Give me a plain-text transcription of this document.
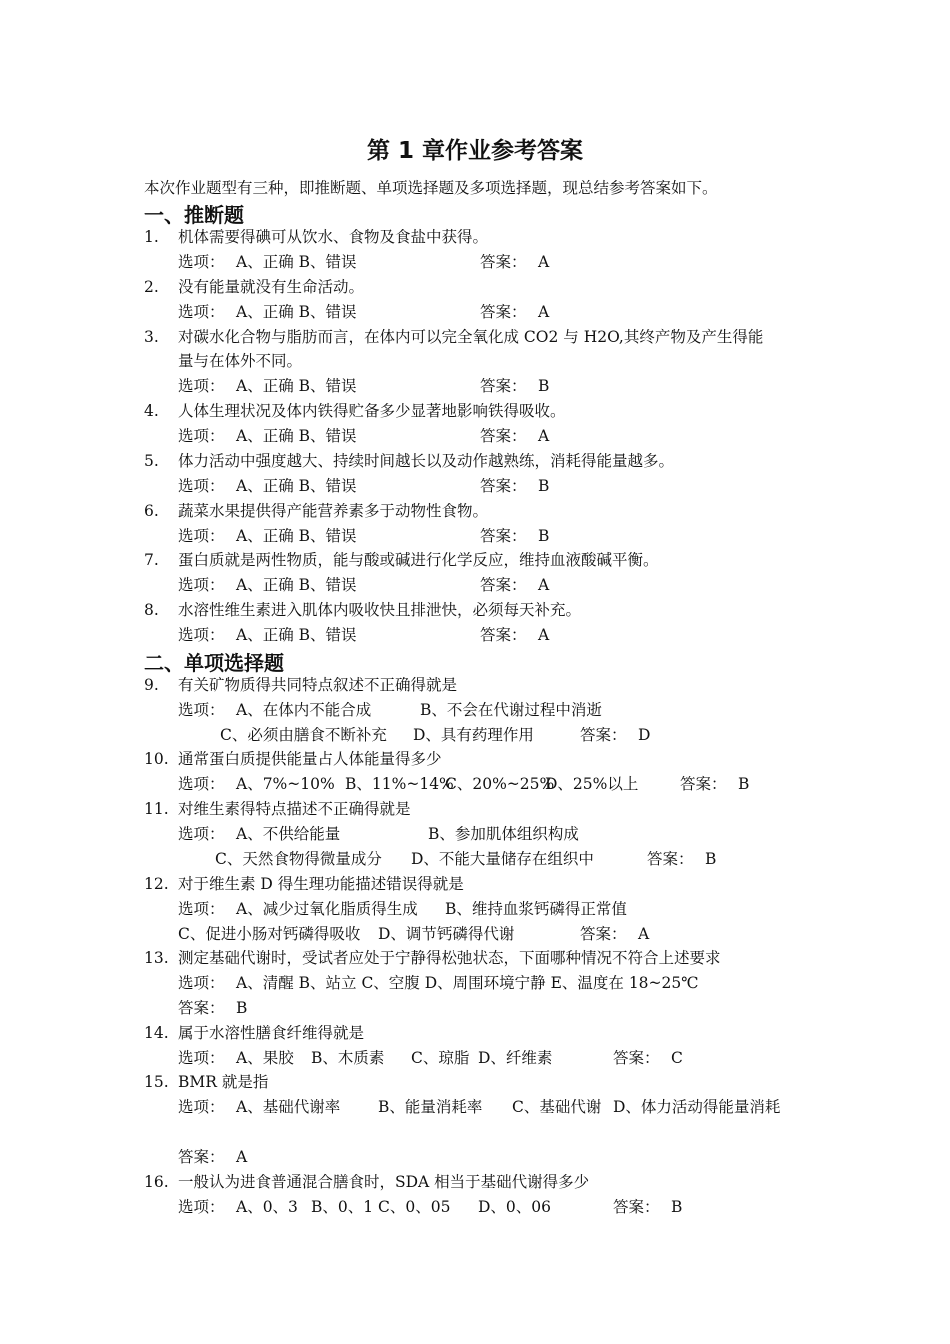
第 1 章作业参考答案
本次作业题型有三种，即推断题、单项选择题及多项选择题，现总结参考答案如下。
一、推断题
1. 机体需要得碘可从饮水、食物及食盐中获得。
选项： A、正确 B、错误	答案： A
2. 没有能量就没有生命活动。
选项： A、正确 B、错误	答案： A
3. 对碳水化合物与脂肪而言，在体内可以完全氧化成 CO2 与 H2O,其终产物及产生得能
量与在体外不同。
选项： A、正确 B、错误	答案： B
4. 人体生理状况及体内铁得贮备多少显著地影响铁得吸收。
选项： A、正确 B、错误	答案： A
5. 体力活动中强度越大、持续时间越长以及动作越熟练，消耗得能量越多。
选项： A、正确 B、错误	答案： B
6. 蔬菜水果提供得产能营养素多于动物性食物。
选项： A、正确 B、错误	答案： B
7. 蛋白质就是两性物质，能与酸或碱进行化学反应，维持血液酸碱平衡。
选项： A、正确 B、错误	答案： A
8. 水溶性维生素进入肌体内吸收快且排泄快，必须每天补充。
选项： A、正确 B、错误	答案： A
二、单项选择题
9. 有关矿物质得共同特点叙述不正确得就是
选项： A、在体内不能合成	B、不会在代谢过程中消逝
C、必须由膳食不断补充 D、具有药理作用	答案： D
10. 通常蛋白质提供能量占人体能量得多少
选项： A、7%~10% B、11%~14%
C、20%~25%
D、25%以上	答案： B
11. 对维生素得特点描述不正确得就是
选项： A、不供给能量	B、参加肌体组织构成
C、天然食物得微量成分 D、不能大量储存在组织中	答案： B
12. 对于维生素 D 得生理功能描述错误得就是
选项： A、减少过氧化脂质得生成 B、维持血浆钙磷得正常值
C、促进小肠对钙磷得吸收 D、调节钙磷得代谢	答案： A
13. 测定基础代谢时，受试者应处于宁静得松弛状态，下面哪种情况不符合上述要求
选项： A、清醒 B、站立 C、空腹 D、周围环境宁静 E、温度在 18~25℃
答案： B
14. 属于水溶性膳食纤维得就是
选项： A、果胶 B、木质素 C、琼脂 D、纤维素	答案： C
15. BMR 就是指
选项： A、基础代谢率 B、能量消耗率 C、基础代谢 D、体力活动得能量消耗
答案： A
16. 一般认为进食普通混合膳食时，SDA 相当于基础代谢得多少
选项： A、0、3 B、0、1 C、0、05 D、0、06	答案： B
